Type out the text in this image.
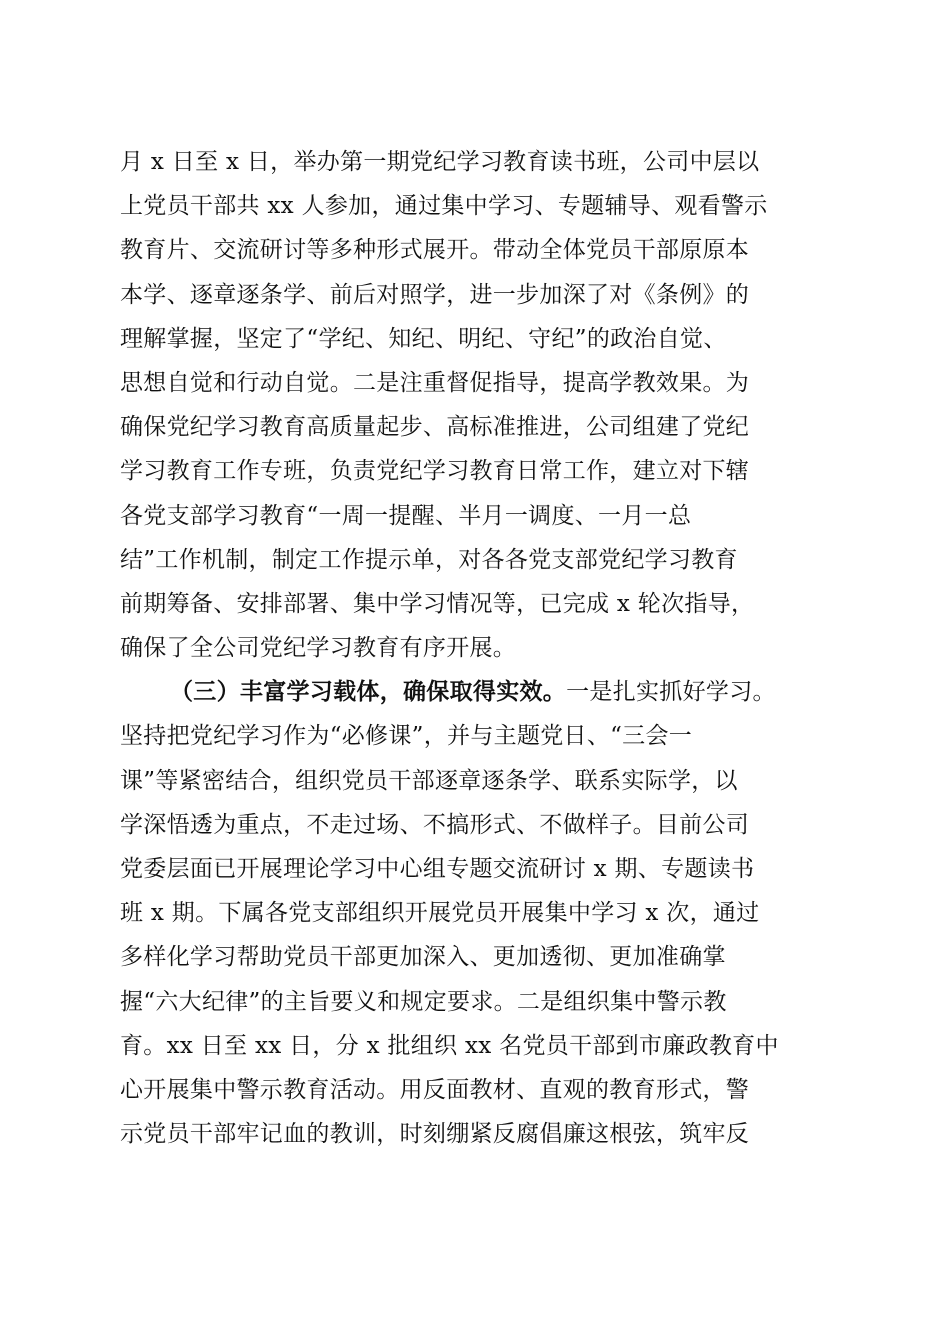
月 x 日至 x 日，举办第一期党纪学习教育读书班，公司中层以
上党员干部共 xx 人参加，通过集中学习、专题辅导、观看警示
教育片、交流研讨等多种形式展开。带动全体党员干部原原本
本学、逐章逐条学、前后对照学，进一步加深了对《条例》的
理解掌握，坚定了“学纪、知纪、明纪、守纪”的政治自觉、
思想自觉和行动自觉。二是注重督促指导，提高学教效果。为
确保党纪学习教育高质量起步、高标准推进，公司组建了党纪
学习教育工作专班，负责党纪学习教育日常工作，建立对下辖
各党支部学习教育“一周一提醒、半月一调度、一月一总
结”工作机制，制定工作提示单，对各各党支部党纪学习教育
前期筹备、安排部署、集中学习情况等，已完成 x 轮次指导，
确保了全公司党纪学习教育有序开展。
（三）丰富学习载体，确保取得实效。一是扎实抓好学习。
坚持把党纪学习作为“必修课”，并与主题党日、“三会一
课”等紧密结合，组织党员干部逐章逐条学、联系实际学，以
学深悟透为重点，不走过场、不搞形式、不做样子。目前公司
党委层面已开展理论学习中心组专题交流研讨 x 期、专题读书
班 x 期。下属各党支部组织开展党员开展集中学习 x 次，通过
多样化学习帮助党员干部更加深入、更加透彻、更加准确掌
握“六大纪律”的主旨要义和规定要求。二是组织集中警示教
育。xx 日至 xx 日，分 x 批组织 xx 名党员干部到市廉政教育中
心开展集中警示教育活动。用反面教材、直观的教育形式，警
示党员干部牢记血的教训，时刻绷紧反腐倡廉这根弦，筑牢反
